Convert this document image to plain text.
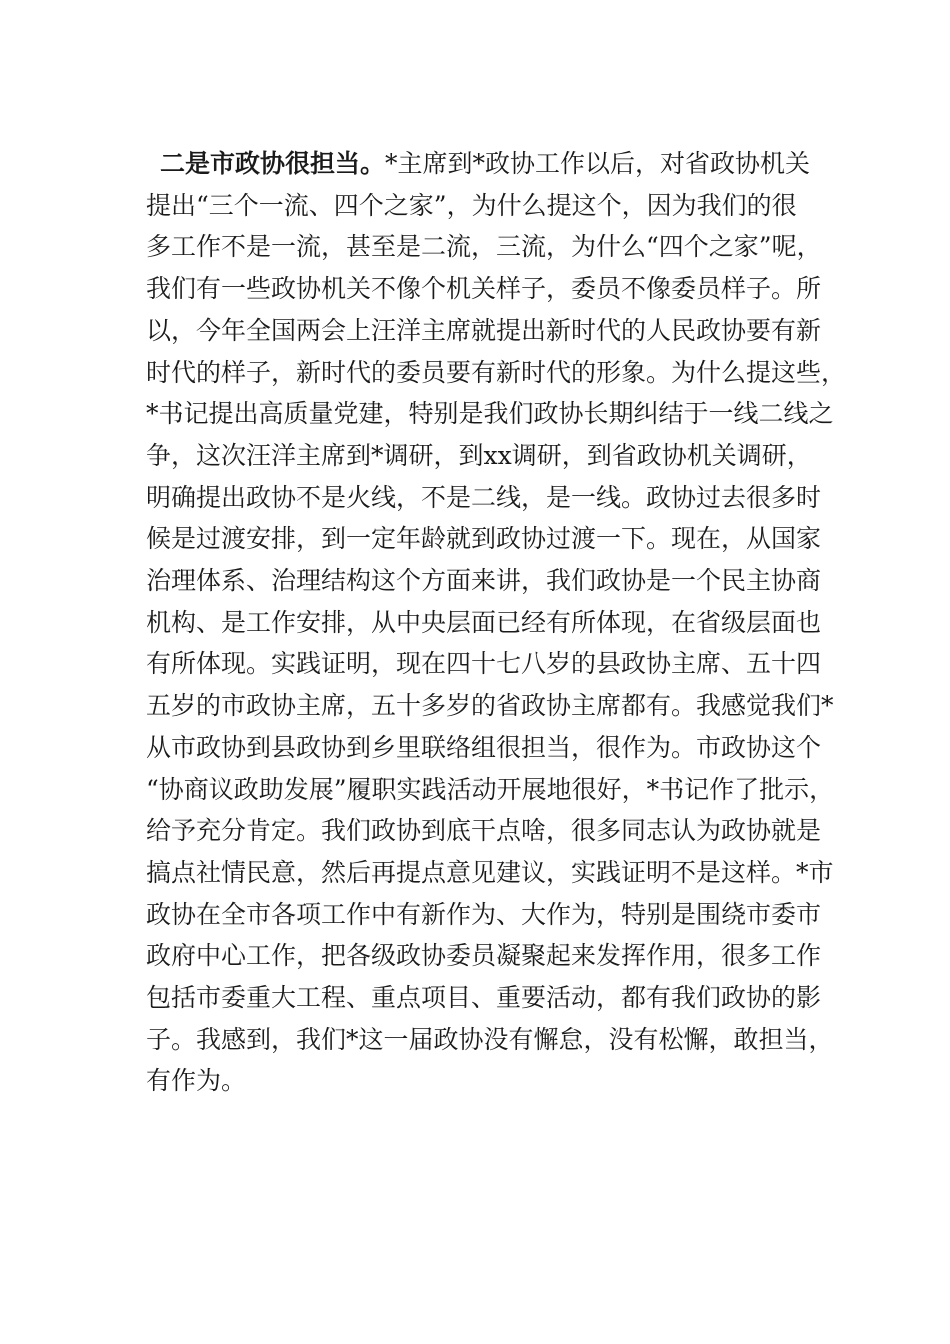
二是市政协很担当。*主席到*政协工作以后，对省政协机关
提出“三个一流、四个之家”，为什么提这个，因为我们的很
多工作不是一流，甚至是二流，三流，为什么“四个之家”呢，
我们有一些政协机关不像个机关样子，委员不像委员样子。所
以，今年全国两会上汪洋主席就提出新时代的人民政协要有新
时代的样子，新时代的委员要有新时代的形象。为什么提这些，
*书记提出高质量党建，特别是我们政协长期纠结于一线二线之
争，这次汪洋主席到*调研，到xx调研，到省政协机关调研，
明确提出政协不是火线，不是二线，是一线。政协过去很多时
候是过渡安排，到一定年龄就到政协过渡一下。现在，从国家
治理体系、治理结构这个方面来讲，我们政协是一个民主协商
机构、是工作安排，从中央层面已经有所体现，在省级层面也
有所体现。实践证明，现在四十七八岁的县政协主席、五十四
五岁的市政协主席，五十多岁的省政协主席都有。我感觉我们*
从市政协到县政协到乡里联络组很担当，很作为。市政协这个
“协商议政助发展”履职实践活动开展地很好，*书记作了批示，
给予充分肯定。我们政协到底干点啥，很多同志认为政协就是
搞点社情民意，然后再提点意见建议，实践证明不是这样。*市
政协在全市各项工作中有新作为、大作为，特别是围绕市委市
政府中心工作，把各级政协委员凝聚起来发挥作用，很多工作
包括市委重大工程、重点项目、重要活动，都有我们政协的影
子。我感到，我们*这一届政协没有懈怠，没有松懈，敢担当，
有作为。
